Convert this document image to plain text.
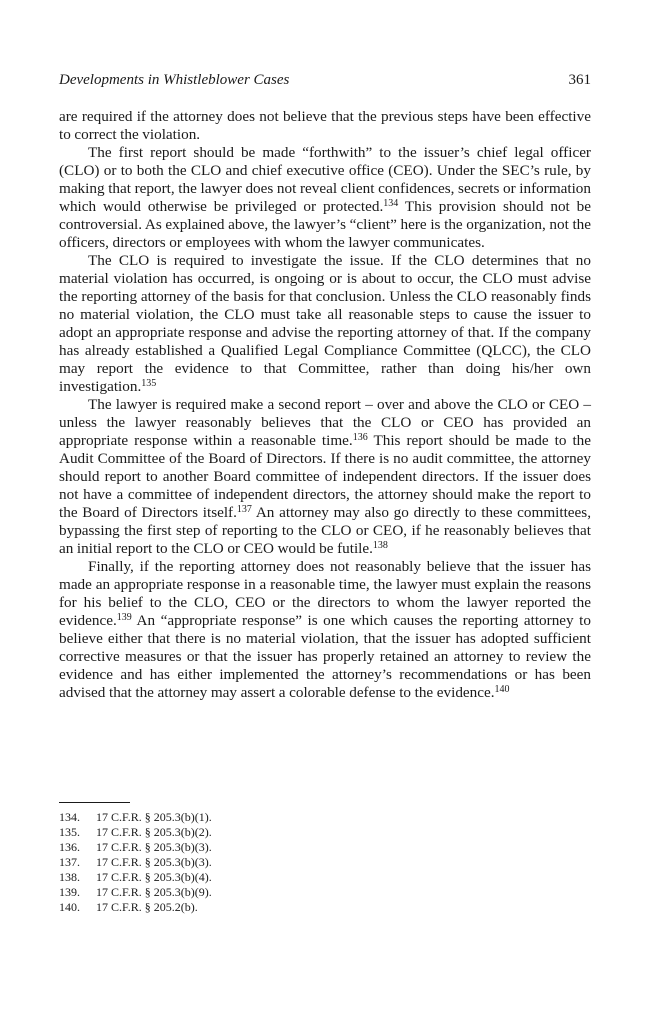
Developments in Whistleblower Cases	361

are required if the attorney does not believe that the previous steps have been effective to correct the violation.

The first report should be made “forthwith” to the issuer’s chief legal officer (CLO) or to both the CLO and chief executive office (CEO). Under the SEC’s rule, by making that report, the lawyer does not reveal client confidences, secrets or information which would otherwise be privileged or protected.$^{134}$ This provision should not be controversial. As explained above, the lawyer’s “client” here is the organization, not the officers, directors or employees with whom the lawyer communicates.

The CLO is required to investigate the issue. If the CLO determines that no material violation has occurred, is ongoing or is about to occur, the CLO must advise the reporting attorney of the basis for that conclusion. Unless the CLO reasonably finds no material violation, the CLO must take all reasonable steps to cause the issuer to adopt an appropriate response and advise the reporting attorney of that. If the company has already established a Qualified Legal Compliance Committee (QLCC), the CLO may report the evidence to that Committee, rather than doing his/her own investigation.$^{135}$

The lawyer is required make a second report – over and above the CLO or CEO – unless the lawyer reasonably believes that the CLO or CEO has provided an appropriate response within a reasonable time.$^{136}$ This report should be made to the Audit Committee of the Board of Directors. If there is no audit committee, the attorney should report to another Board committee of independent directors. If the issuer does not have a committee of independent directors, the attorney should make the report to the Board of Directors itself.$^{137}$ An attorney may also go directly to these committees, bypassing the first step of reporting to the CLO or CEO, if he reasonably believes that an initial report to the CLO or CEO would be futile.$^{138}$

Finally, if the reporting attorney does not reasonably believe that the issuer has made an appropriate response in a reasonable time, the lawyer must explain the reasons for his belief to the CLO, CEO or the directors to whom the lawyer reported the evidence.$^{139}$ An “appropriate response” is one which causes the reporting attorney to believe either that there is no material violation, that the issuer has adopted sufficient corrective measures or that the issuer has properly retained an attorney to review the evidence and has either implemented the attorney’s recommendations or has been advised that the attorney may assert a colorable defense to the evidence.$^{140}$

134.	17 C.F.R. § 205.3(b)(1).
135.	17 C.F.R. § 205.3(b)(2).
136.	17 C.F.R. § 205.3(b)(3).
137.	17 C.F.R. § 205.3(b)(3).
138.	17 C.F.R. § 205.3(b)(4).
139.	17 C.F.R. § 205.3(b)(9).
140.	17 C.F.R. § 205.2(b).
